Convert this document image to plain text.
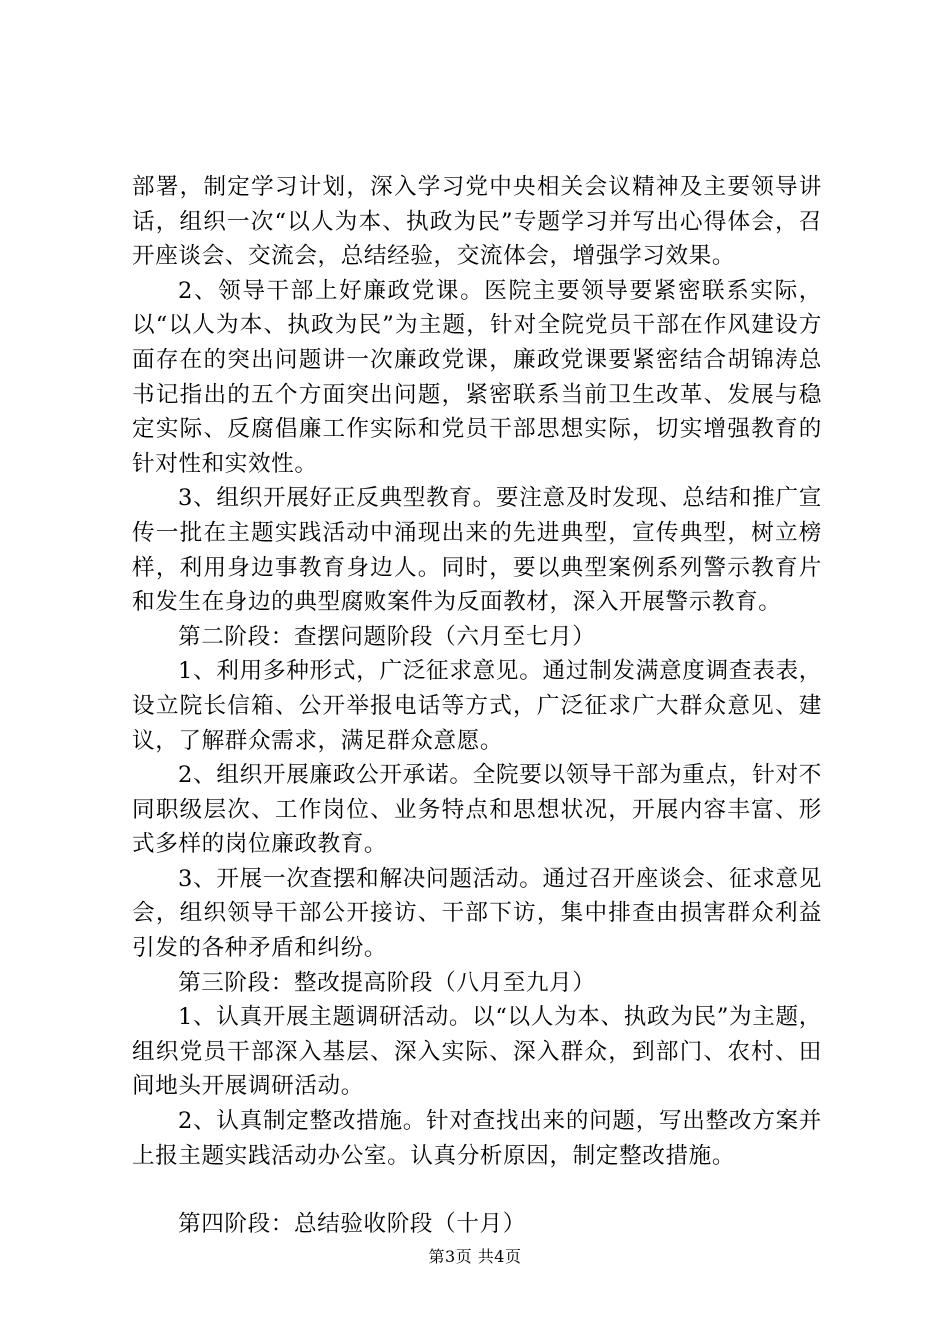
部署，制定学习计划，深入学习党中央相关会议精神及主要领导讲话，组织一次“以人为本、执政为民”专题学习并写出心得体会，召开座谈会、交流会，总结经验，交流体会，增强学习效果。

2、领导干部上好廉政党课。医院主要领导要紧密联系实际，以“以人为本、执政为民”为主题，针对全院党员干部在作风建设方面存在的突出问题讲一次廉政党课，廉政党课要紧密结合胡锦涛总书记指出的五个方面突出问题，紧密联系当前卫生改革、发展与稳定实际、反腐倡廉工作实际和党员干部思想实际，切实增强教育的针对性和实效性。

3、组织开展好正反典型教育。要注意及时发现、总结和推广宣传一批在主题实践活动中涌现出来的先进典型，宣传典型，树立榜样，利用身边事教育身边人。同时，要以典型案例系列警示教育片和发生在身边的典型腐败案件为反面教材，深入开展警示教育。

第二阶段：查摆问题阶段（六月至七月）

1、利用多种形式，广泛征求意见。通过制发满意度调查表表，设立院长信箱、公开举报电话等方式，广泛征求广大群众意见、建议，了解群众需求，满足群众意愿。

2、组织开展廉政公开承诺。全院要以领导干部为重点，针对不同职级层次、工作岗位、业务特点和思想状况，开展内容丰富、形式多样的岗位廉政教育。

3、开展一次查摆和解决问题活动。通过召开座谈会、征求意见会，组织领导干部公开接访、干部下访，集中排查由损害群众利益引发的各种矛盾和纠纷。

第三阶段：整改提高阶段（八月至九月）

1、认真开展主题调研活动。以“以人为本、执政为民”为主题，组织党员干部深入基层、深入实际、深入群众，到部门、农村、田间地头开展调研活动。

2、认真制定整改措施。针对查找出来的问题，写出整改方案并上报主题实践活动办公室。认真分析原因，制定整改措施。

第四阶段：总结验收阶段（十月）

第3页 共4页
